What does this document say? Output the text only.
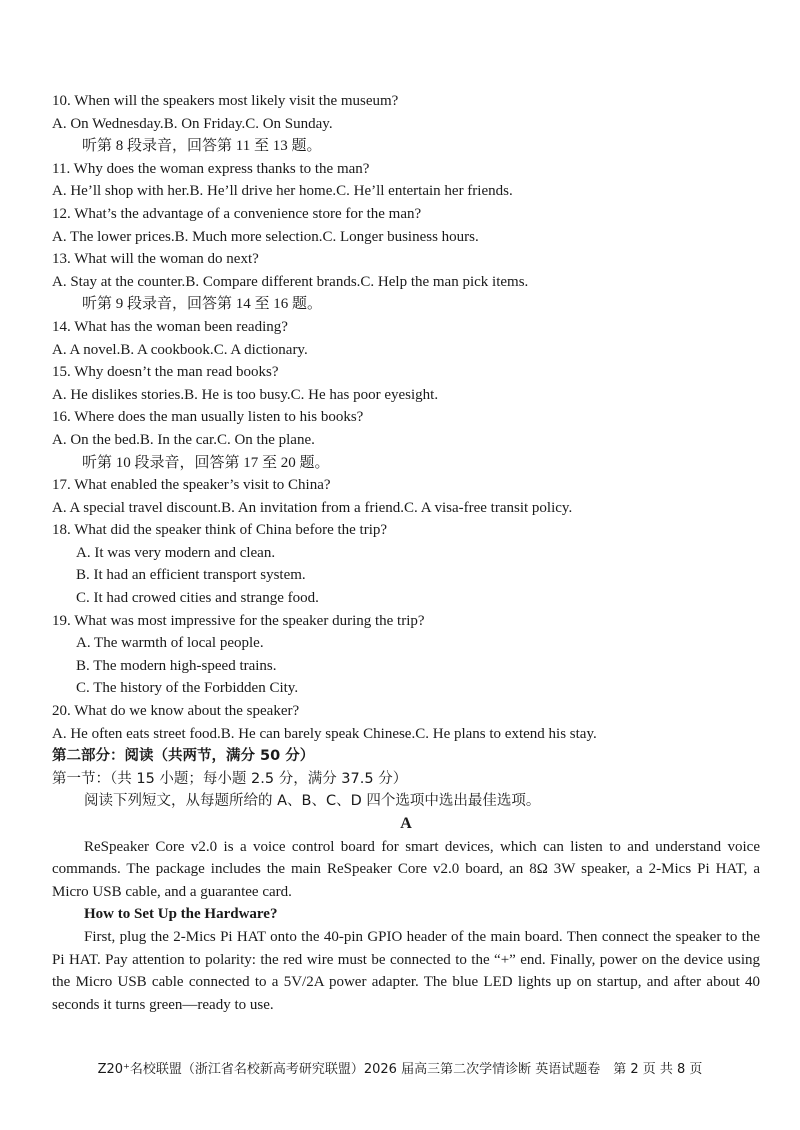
10. When will the speakers most likely visit the museum?
A. On Wednesday.B. On Friday.C. On Sunday.
听第 8 段录音，回答第 11 至 13 题。
11. Why does the woman express thanks to the man?
A. He’ll shop with her.B. He’ll drive her home.C. He’ll entertain her friends.
12. What’s the advantage of a convenience store for the man?
A. The lower prices.B. Much more selection.C. Longer business hours.
13. What will the woman do next?
A. Stay at the counter.B. Compare different brands.C. Help the man pick items.
听第 9 段录音，回答第 14 至 16 题。
14. What has the woman been reading?
A. A novel.B. A cookbook.C. A dictionary.
15. Why doesn’t the man read books?
A. He dislikes stories.B. He is too busy.C. He has poor eyesight.
16. Where does the man usually listen to his books?
A. On the bed.B. In the car.C. On the plane.
听第 10 段录音，回答第 17 至 20 题。
17. What enabled the speaker’s visit to China?
A. A special travel discount.B. An invitation from a friend.C. A visa-free transit policy.
18. What did the speaker think of China before the trip?
A. It was very modern and clean.
B. It had an efficient transport system.
C. It had crowed cities and strange food.
19. What was most impressive for the speaker during the trip?
A. The warmth of local people.
B. The modern high-speed trains.
C. The history of the Forbidden City.
20. What do we know about the speaker?
A. He often eats street food.B. He can barely speak Chinese.C. He plans to extend his stay.
第二部分：阅读（共两节，满分 50 分）
第一节：（共 15 小题；每小题 2.5 分，满分 37.5 分）
阅读下列短文，从每题所给的 A、B、C、D 四个选项中选出最佳选项。
A

ReSpeaker Core v2.0 is a voice control board for smart devices, which can listen to and understand voice commands. The package includes the main ReSpeaker Core v2.0 board, an 8Ω 3W speaker, a 2-Mics Pi HAT, a Micro USB cable, and a guarantee card.

How to Set Up the Hardware?

First, plug the 2-Mics Pi HAT onto the 40-pin GPIO header of the main board. Then connect the speaker to the Pi HAT. Pay attention to polarity: the red wire must be connected to the “+” end. Finally, power on the device using the Micro USB cable connected to a 5V/2A power adapter. The blue LED lights up on startup, and after about 40 seconds it turns green—ready to use.

Z20⁺名校联盟（浙江省名校新高考研究联盟）2026 届高三第二次学情诊断 英语试题卷　第 2 页 共 8 页
